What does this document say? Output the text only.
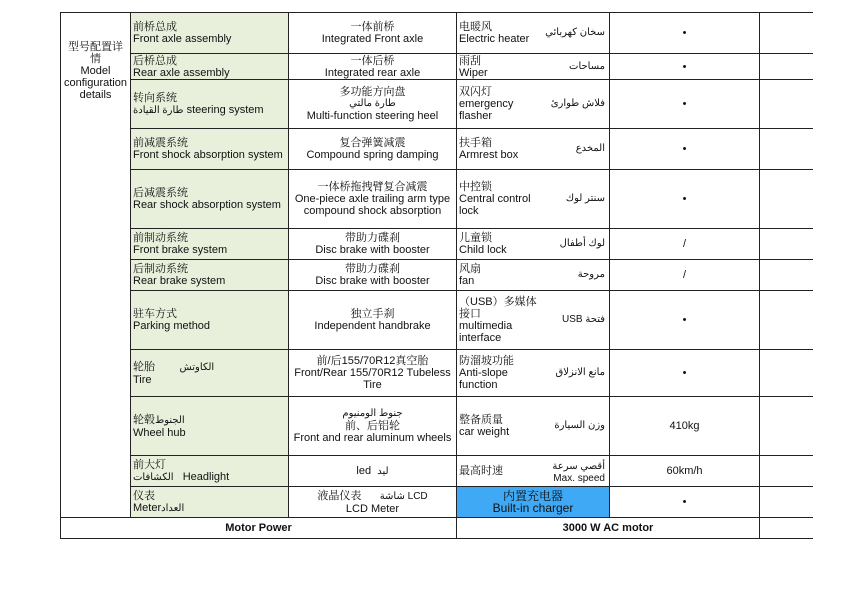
型号配置详情
Model configuration details	前桥总成
Front axle assembly	一体前桥
Integrated Front axle	电暖风
Electric heater
سخان كهربائي	•	

	后桥总成
Rear axle assembly	一体后桥
Integrated rear axle	雨刮
Wiper
مساحات	•	

	转向系统
طارة القيادة steering system	多功能方向盘
طارة مالتي
Multi-function steering heel	双闪灯
emergency flasher
فلاش طوارئ	•	

	前减震系统
Front shock absorption system	复合弹簧减震
Compound spring damping	扶手箱
Armrest box
المخدع	•	

	后减震系统
Rear shock absorption system	一体桥拖拽臂复合减震
One-piece axle trailing arm type compound shock absorption	中控锁
Central control lock
سنتر لوك	•	

	前制动系统
Front brake system	带助力碟刹
Disc brake with booster	儿童锁
Child lock
لوك أطفال	/	

	后制动系统
Rear brake system	带助力碟刹
Disc brake with booster	风扇
fan
مروحة	/	

	驻车方式
Parking method	独立手刹
Independent handbrake	（USB）多媒体接口
multimedia interface
فتحة USB	•	

	轮胎 الكاوتش
Tire	前/后155/70R12真空胎
Front/Rear 155/70R12 Tubeless Tire	防溜坡功能
Anti-slope function
مانع الانزلاق	•	

	轮毂الجنوط
Wheel hub	جنوط الومنيوم
前、后铝轮
Front and rear aluminum wheels	整备质量
car weight
وزن السيارة	410kg	

	前大灯
الكشافات Headlight	led ليد	最高时速 أقصي سرعة
Max. speed	60km/h	

	仪表
Meterالعداد	液晶仪表 شاشة LCD
LCD Meter	内置充电器
Built-in charger	•	
Motor Power			3000 W AC motor		
